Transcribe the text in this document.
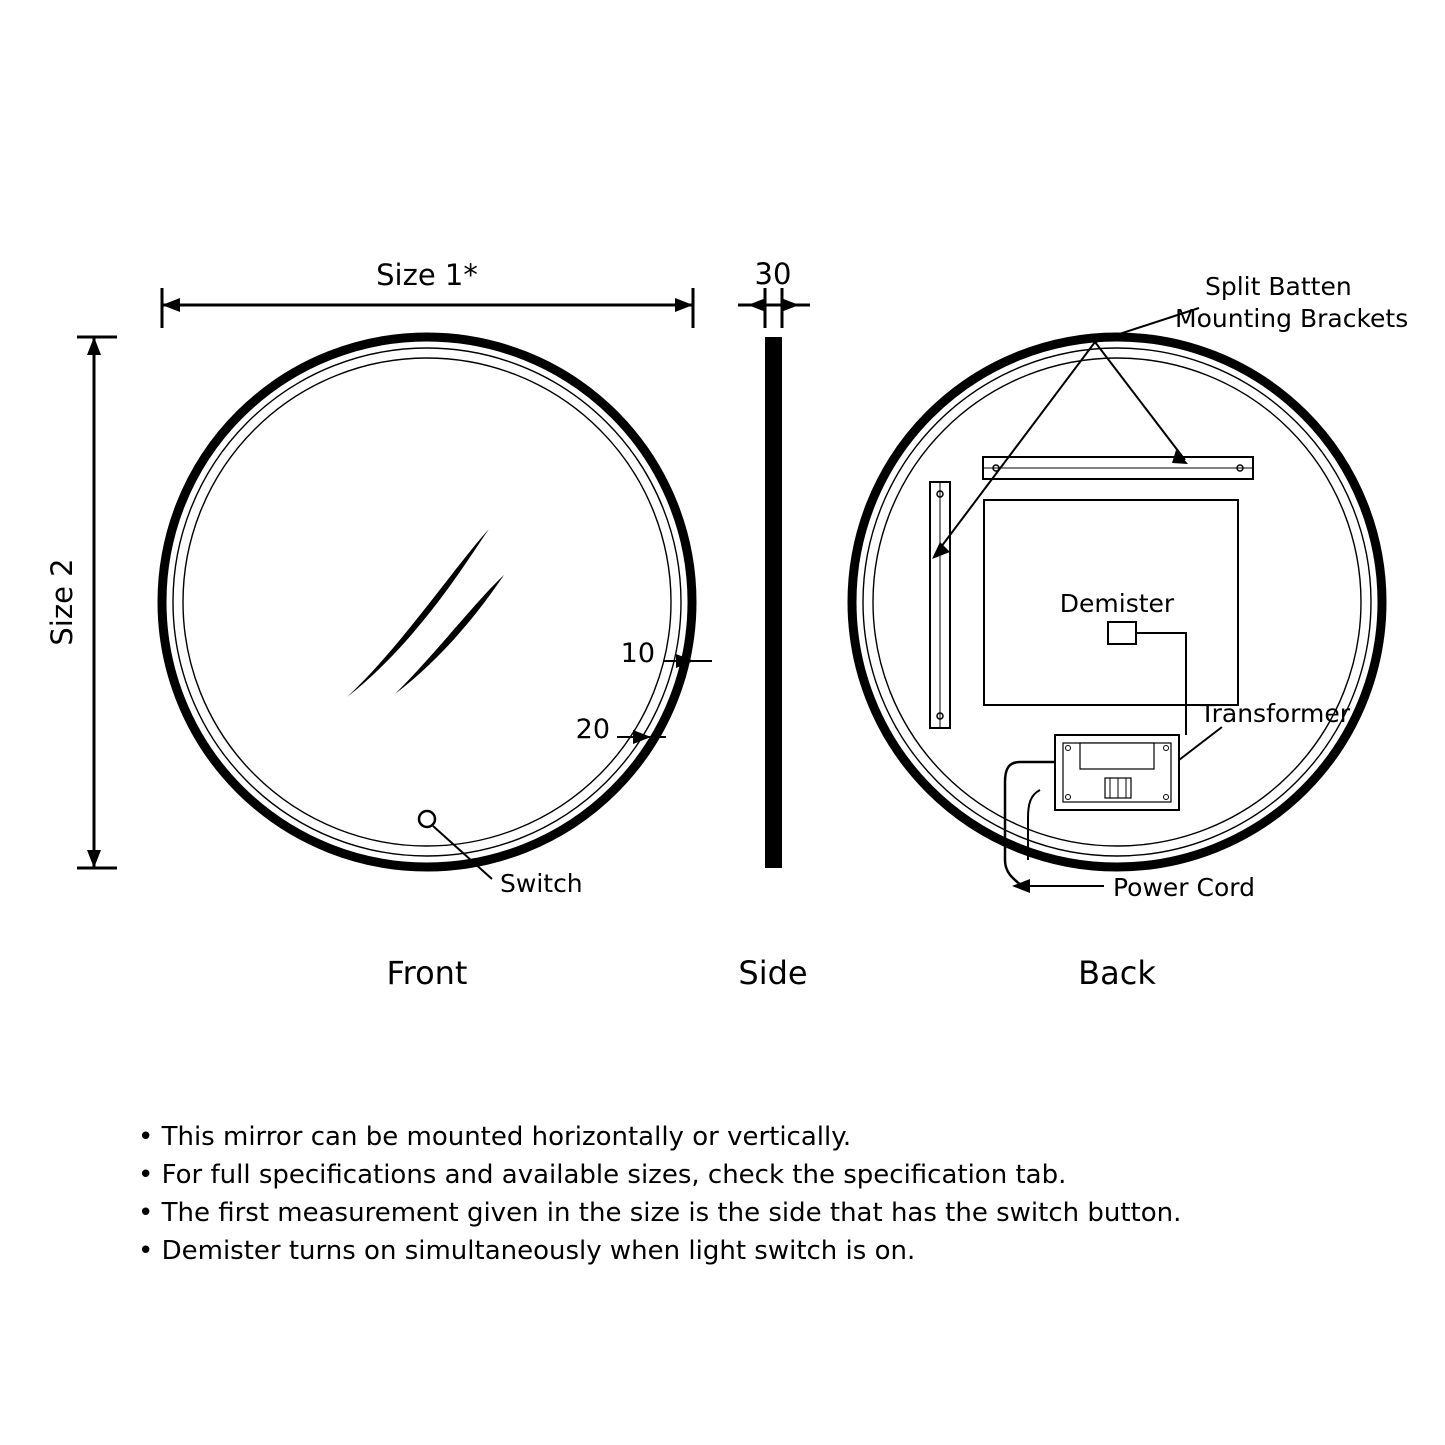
Size 1*
Size 2
Switch
10
20
Front
30
Side
Demister
Split Batten
Mounting Brackets
Transformer
Power Cord
Back
• This mirror can be mounted horizontally or vertically.
• For full specifications and available sizes, check the specification tab.
• The first measurement given in the size is the side that has the switch button.
• Demister turns on simultaneously when light switch is on.
